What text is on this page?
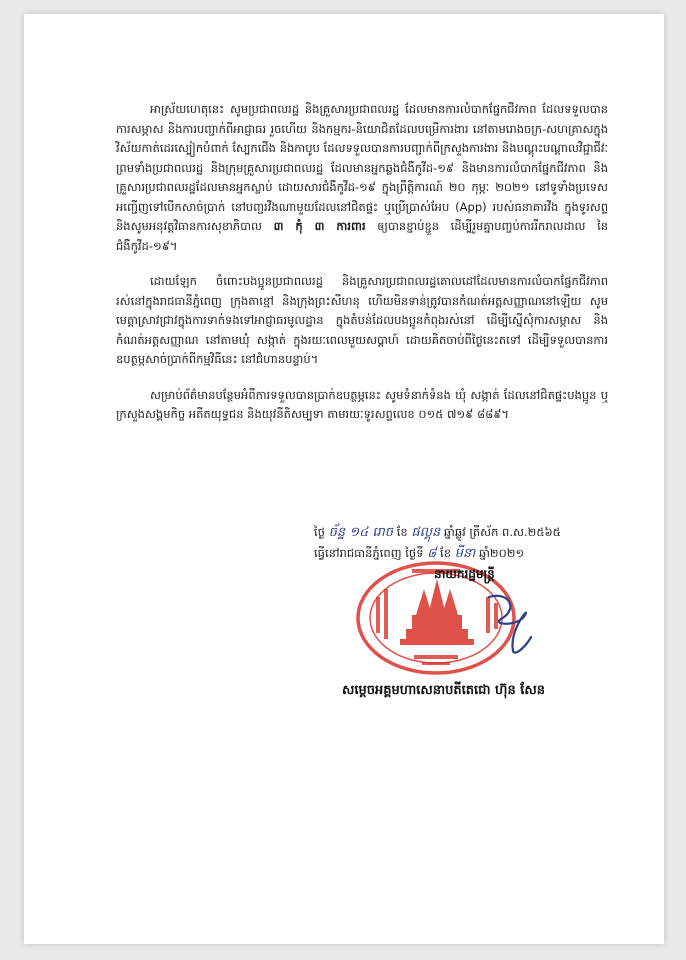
អាស្រ័យហេតុនេះ សូមប្រជាពលរដ្ឋ និងគ្រួសារប្រជាពលរដ្ឋ ដែលមានការលំបាកផ្នែកជីវភាព ដែលទទួលបានការសម្ភាស និងការបញ្ជាក់ពីអាជ្ញាធរ រួចហើយ និងកម្មករ-និយោជិតដែលបម្រើការងារ នៅតាមរោងចក្រ-សហគ្រាសក្នុងវិស័យកាត់ដេរស្បៀកបំពាក់ ស្បែកជើង និងកាបូប ដែលទទួលបានការបញ្ជាក់ពីក្រសួងការងារ និងបណ្តុះបណ្តាលវិជ្ជាជីវៈ ព្រមទាំងប្រជាពលរដ្ឋ និងក្រុមគ្រួសារប្រជាពលរដ្ឋ ដែលមានអ្នកឆ្លងជំងឺកូវីដ-១៩ និងមានការលំបាកផ្នែកជីវភាព និងគ្រួសារប្រជាពលរដ្ឋដែលមានអ្នកស្លាប់ ដោយសារជំងឺកូវីដ-១៩ ក្នុងព្រឹត្តិការណ៍ ២០ កុម្ភៈ ២០២១ នៅទូទាំងប្រទេស អញ្ជើញទៅបើកសាច់ប្រាក់ នៅបញ្ជរវីងណាមួយដែលនៅជិតផ្ទះ ឬប្រើប្រាស់អែប (App) របស់ធនាគារវីង ក្នុងទូរសព្ទ និងសូមអនុវត្តវិធានការសុខាភិបាល ៣ កុំ ៣ ការពារ ឲ្យបានខ្ជាប់ខ្ជួន ដើម្បីរួមគ្នាបញ្ចប់ការរីករាលដាល នៃជំងឺកូវីដ-១៩។

ដោយឡែក ចំពោះបងប្អូនប្រជាពលរដ្ឋ និងគ្រួសារប្រជាពលរដ្ឋគោលដៅដែលមានការលំបាកផ្នែកជីវភាព រស់នៅក្នុងរាជធានីភ្នំពេញ ក្រុងតាខ្មៅ និងក្រុងព្រះសីហនុ ហើយមិនទាន់ត្រូវបានកំណត់អត្តសញ្ញាណនៅឡើយ សូមមេត្តាស្រាវជ្រាវក្នុងការទាក់ទងទៅអាជ្ញាធរមូលដ្ឋាន ក្នុងតំបន់ដែលបងប្អូនកំពុងរស់នៅ ដើម្បីស្នើសុំការសម្ភាស និងកំណត់អត្តសញ្ញាណ នៅតាមឃុំ សង្កាត់ ក្នុងរយៈពេលមួយសប្តាហ៍ ដោយគិតចាប់ពីថ្ងៃនេះតទៅ ដើម្បីទទួលបានការឧបត្ថម្ភសាច់ប្រាក់ពីកម្មវិធីនេះ នៅជំហានបន្ទាប់។

សម្រាប់ព័ត៌មានបន្ថែមអំពីការទទួលបានប្រាក់ឧបត្ថម្ភនេះ សូមទំនាក់ទំនង ឃុំ សង្កាត់ ដែលនៅជិតផ្ទះបងប្អូន ឬក្រសួងសង្គមកិច្ច អតីតយុទ្ធជន និងយុវនីតិសម្បទា តាមរយៈទូរសព្ទលេខ ០១៥ ៧១៩ ៨៨៩។

ថ្ងៃ ច័ន្ទ ១៤ រោច ខែ ផល្គុន ឆ្នាំឆ្លូវ ត្រីស័ក ព.ស.២៥៦៥
ធ្វើនៅរាជធានីភ្នំពេញ ថ្ងៃទី ៨ ខែ មីនា ឆ្នាំ២០២១
នាយករដ្ឋមន្ត្រី
សម្តេចអគ្គមហាសេនាបតីតេជោ ហ៊ុន សែន
